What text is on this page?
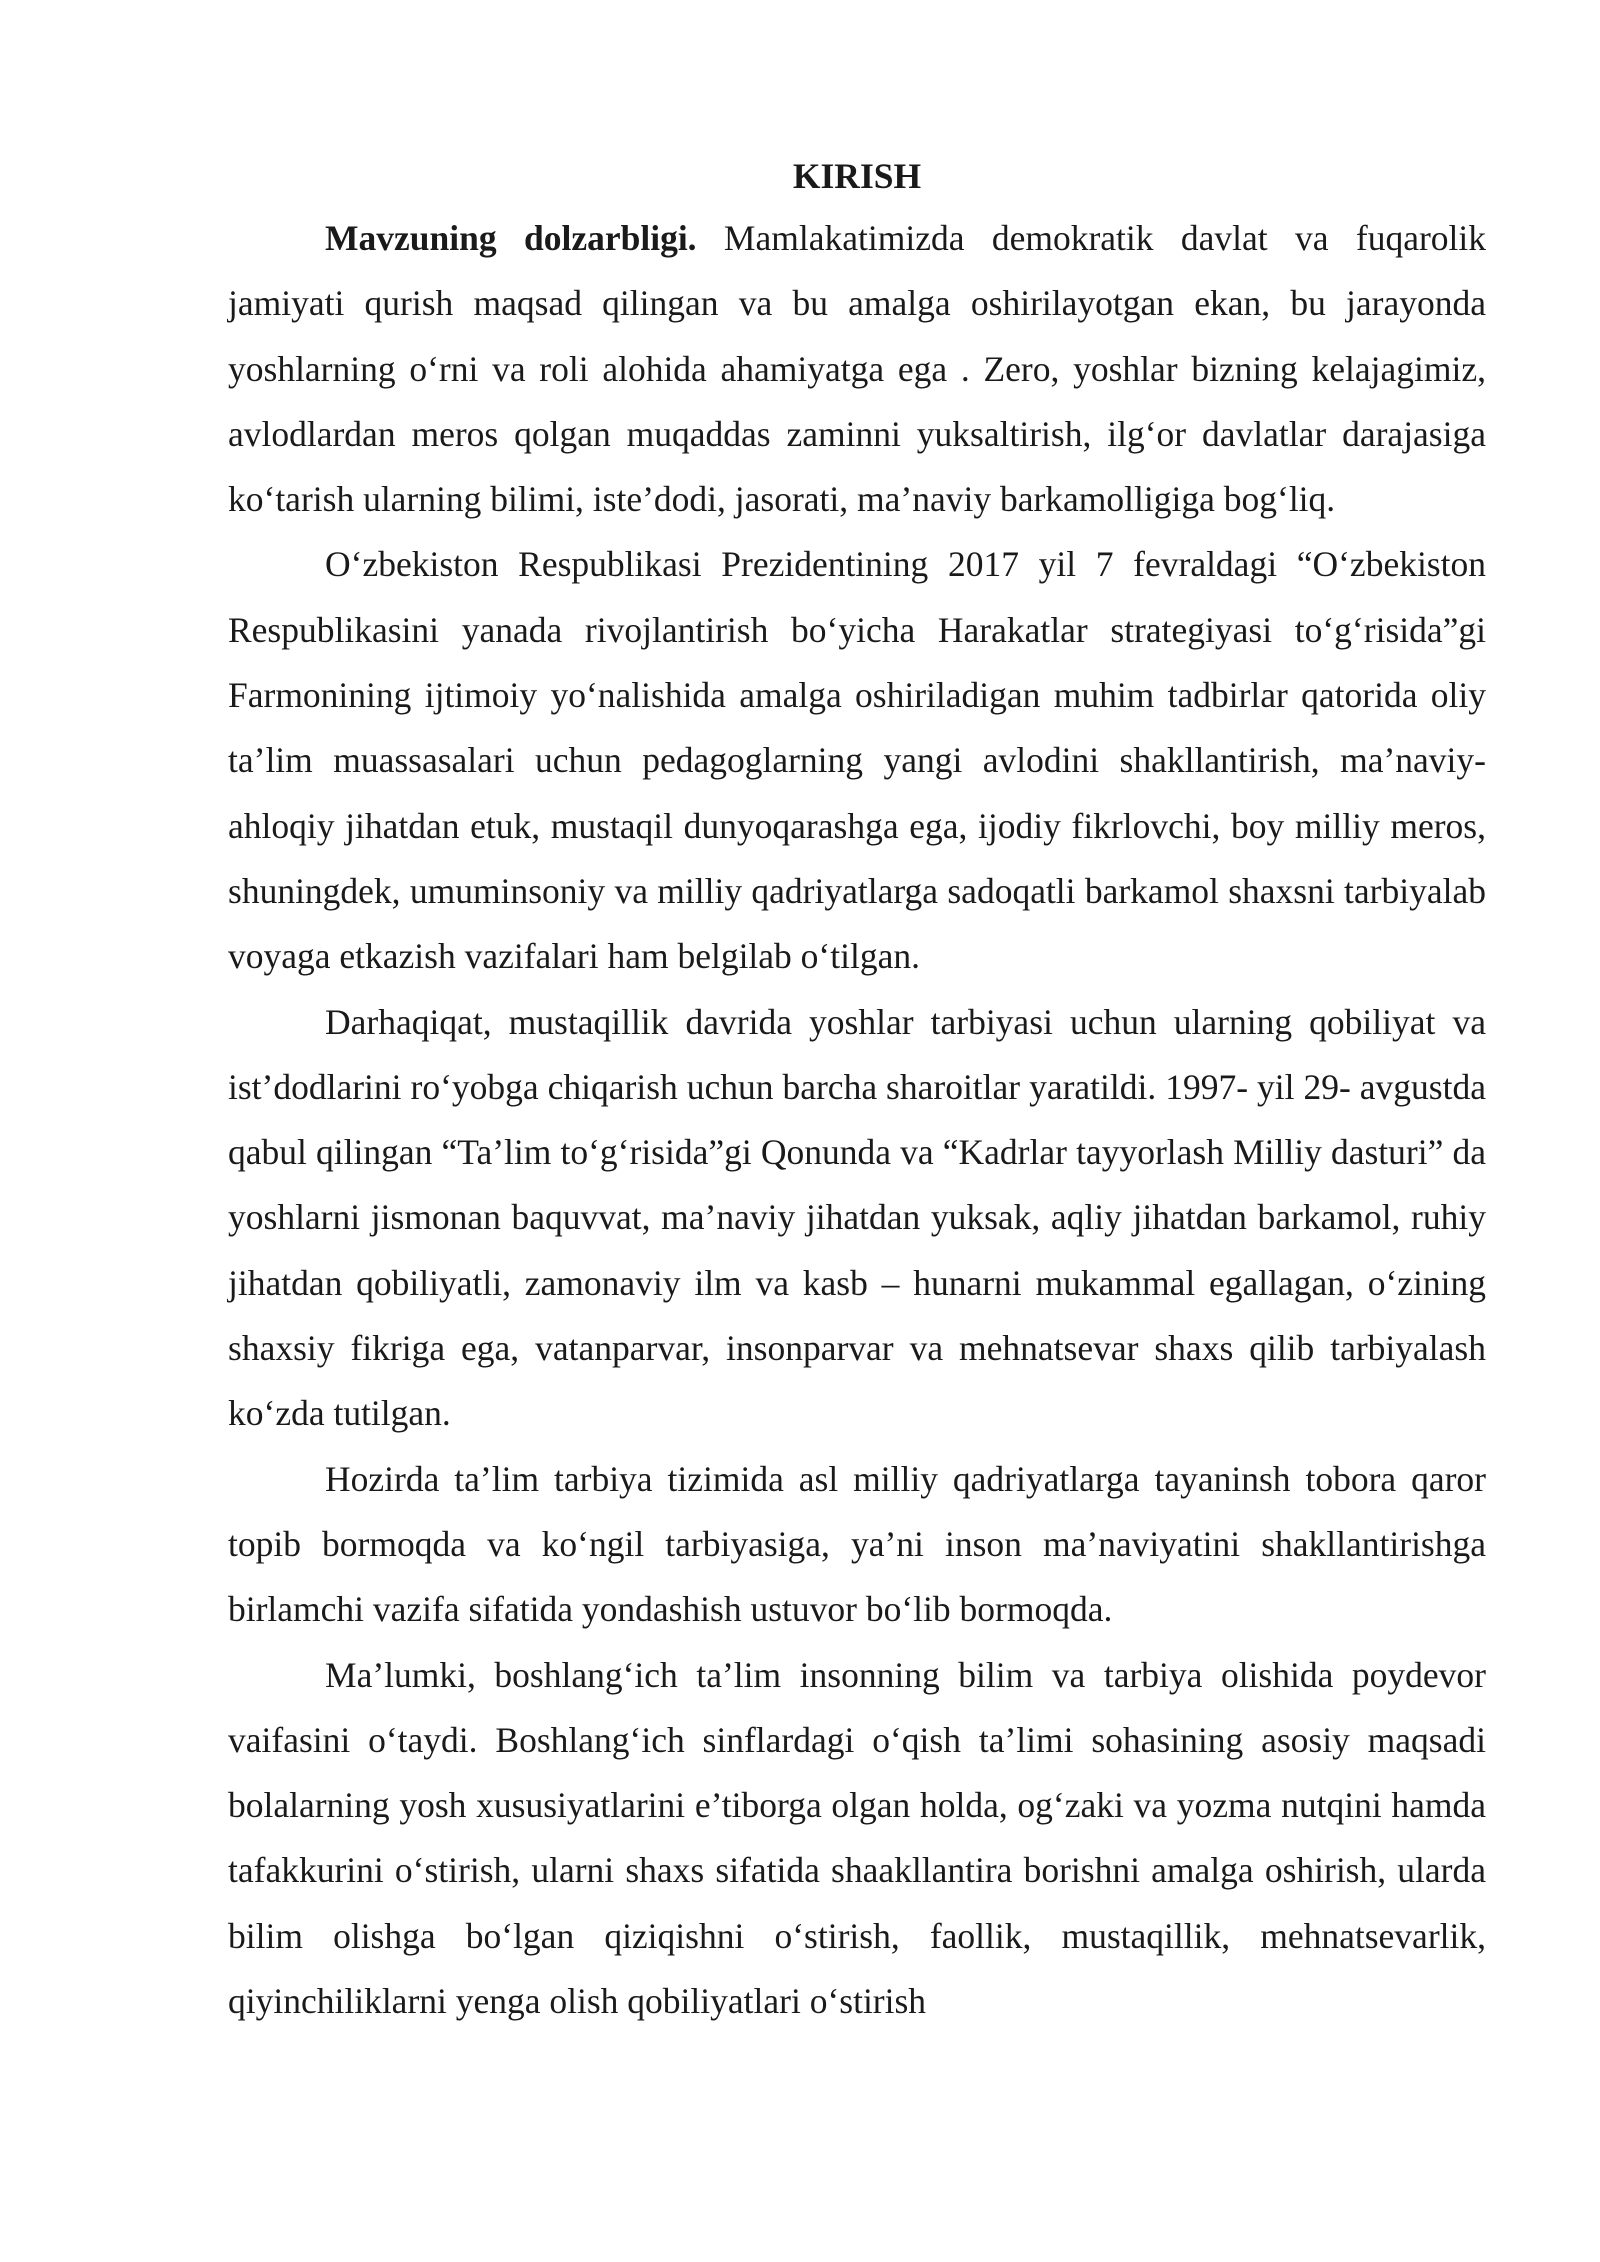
KIRISH

Mavzuning dolzarbligi. Mamlakatimizda demokratik davlat va fuqarolik jamiyati qurish maqsad qilingan va bu amalga oshirilayotgan ekan, bu jarayonda yoshlarning o‘rni va roli alohida ahamiyatga ega . Zero, yoshlar bizning kelajagimiz, avlodlardan meros qolgan muqaddas zaminni yuksaltirish, ilg‘or davlatlar darajasiga ko‘tarish ularning bilimi, iste’dodi, jasorati, ma’naviy barkamolligiga bog‘liq.

O‘zbekiston Respublikasi Prezidentining 2017 yil 7 fevraldagi “O‘zbekiston Respublikasini yanada rivojlantirish bo‘yicha Harakatlar strategiyasi to‘g‘risida”gi Farmonining ijtimoiy yo‘nalishida amalga oshiriladigan muhim tadbirlar qatorida oliy ta’lim muassasalari uchun pedagoglarning yangi avlodini shakllantirish, ma’naviy-ahloqiy jihatdan etuk, mustaqil dunyoqarashga ega, ijodiy fikrlovchi, boy milliy meros, shuningdek, umuminsoniy va milliy qadriyatlarga sadoqatli barkamol shaxsni tarbiyalab voyaga etkazish vazifalari ham belgilab o‘tilgan.

Darhaqiqat, mustaqillik davrida yoshlar tarbiyasi uchun ularning qobiliyat va ist’dodlarini ro‘yobga chiqarish uchun barcha sharoitlar yaratildi. 1997- yil 29- avgustda qabul qilingan “Ta’lim to‘g‘risida”gi Qonunda va “Kadrlar tayyorlash Milliy dasturi” da yoshlarni jismonan baquvvat, ma’naviy jihatdan yuksak, aqliy jihatdan barkamol, ruhiy jihatdan qobiliyatli, zamonaviy ilm va kasb – hunarni mukammal egallagan, o‘zining shaxsiy fikriga ega, vatanparvar, insonparvar va mehnatsevar shaxs qilib tarbiyalash ko‘zda tutilgan.

Hozirda ta’lim tarbiya tizimida asl milliy qadriyatlarga tayaninsh tobora qaror topib bormoqda va ko‘ngil tarbiyasiga, ya’ni inson ma’naviyatini shakllantirishga birlamchi vazifa sifatida yondashish ustuvor bo‘lib bormoqda.

Ma’lumki, boshlang‘ich ta’lim insonning bilim va tarbiya olishida poydevor vaifasini o‘taydi. Boshlang‘ich sinflardagi o‘qish ta’limi sohasining asosiy maqsadi bolalarning yosh xususiyatlarini e’tiborga olgan holda, og‘zaki va yozma nutqini hamda tafakkurini o‘stirish, ularni shaxs sifatida shaakllantira borishni amalga oshirish, ularda bilim olishga bo‘lgan qiziqishni o‘stirish, faollik, mustaqillik, mehnatsevarlik, qiyinchiliklarni yenga olish qobiliyatlari o‘stirish
